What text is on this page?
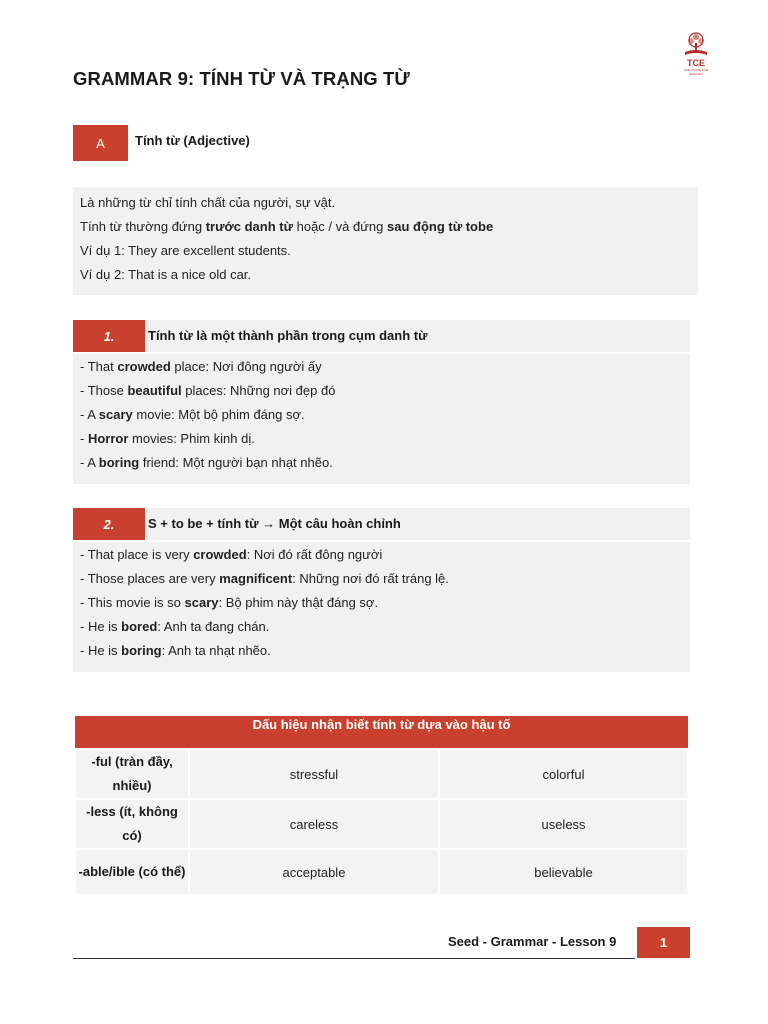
TCE
THE CAUSE FOR ENGLISH
GRAMMAR 9: TÍNH TỪ VÀ TRẠNG TỪ
A	Tính từ (Adjective)
Là những từ chỉ tính chất của người, sự vật.
Tính từ thường đứng trước danh từ hoặc / và đứng sau động từ tobe
Ví dụ 1: They are excellent students.
Ví dụ 2: That is a nice old car.
1.	Tính từ là một thành phần trong cụm danh từ
- That crowded place: Nơi đông người ấy
- Those beautiful places: Những nơi đẹp đó
- A scary movie: Một bộ phim đáng sợ.
- Horror movies: Phim kinh dị.
- A boring friend: Một người bạn nhạt nhẽo.
2.	S + to be + tính từ → Một câu hoàn chỉnh
- That place is very crowded: Nơi đó rất đông người
- Those places are very magnificent: Những nơi đó rất tráng lệ.
- This movie is so scary: Bộ phim này thật đáng sợ.
- He is bored: Anh ta đang chán.
- He is boring: Anh ta nhạt nhẽo.
Dấu hiệu nhận biết tính từ dựa vào hậu tố		
-ful (tràn đầy, nhiều)	stressful	colorful
-less (ít, không có)	careless	useless
-able/ible (có thể)	acceptable	believable
Seed - Grammar - Lesson 9	1
